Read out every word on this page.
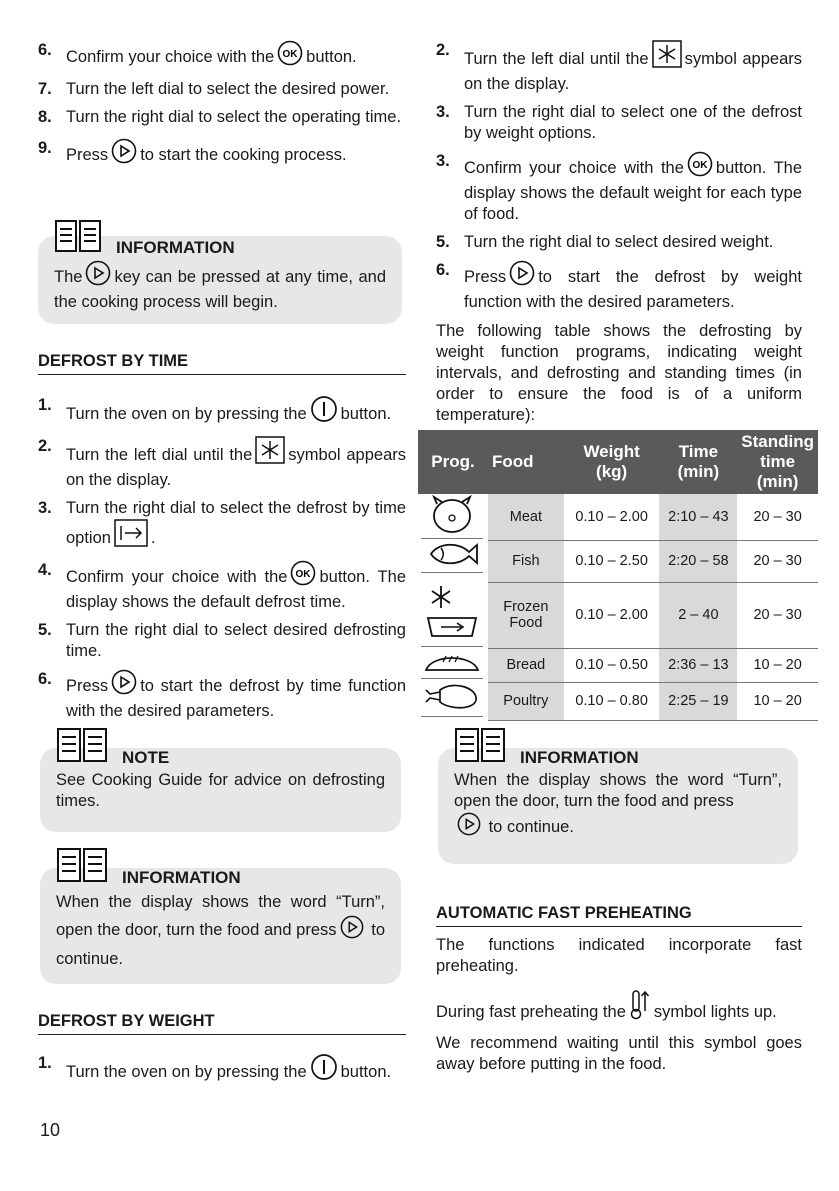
6. Confirm your choice with the OK button.
7. Turn the left dial to select the desired power.
8. Turn the right dial to select the operating time.
9. Press to start the cooking process.
INFORMATION
The key can be pressed at any time, and the cooking process will begin.
DEFROST BY TIME
1. Turn the oven on by pressing the button.
2. Turn the left dial until the symbol appears on the display.
3. Turn the right dial to select the defrost by time option .
4. Confirm your choice with the OK button. The display shows the default defrost time.
5. Turn the right dial to select desired defrosting time.
6. Press to start the defrost by time function with the desired parameters.
NOTE
See Cooking Guide for advice on defrosting times.
INFORMATION
When the display shows the word “Turn”, open the door, turn the food and press to continue.
DEFROST BY WEIGHT
1. Turn the oven on by pressing the button.
10
2. Turn the left dial until the symbol appears on the display.
3. Turn the right dial to select one of the defrost by weight options.
3. Confirm your choice with the OK button. The display shows the default weight for each type of food.
5. Turn the right dial to select desired weight.
6. Press to start the defrost by weight function with the desired parameters.
The following table shows the defrosting by weight function programs, indicating weight intervals, and defrosting and standing times (in order to ensure the food is of a uniform temperature):
Prog.	Food	Weight (kg)	Time (min)	Standing time (min)
Meat	0.10 – 2.00	2:10 – 43	20 – 30
Fish	0.10 – 2.50	2:20 – 58	20 – 30
Frozen Food	0.10 – 2.00	2 – 40	20 – 30
Bread	0.10 – 0.50	2:36 – 13	10 – 20
Poultry	0.10 – 0.80	2:25 – 19	10 – 20
INFORMATION
When the display shows the word “Turn”, open the door, turn the food and press
to continue.
AUTOMATIC FAST PREHEATING
The functions indicated incorporate fast preheating.
During fast preheating the symbol lights up.
We recommend waiting until this symbol goes away before putting in the food.
